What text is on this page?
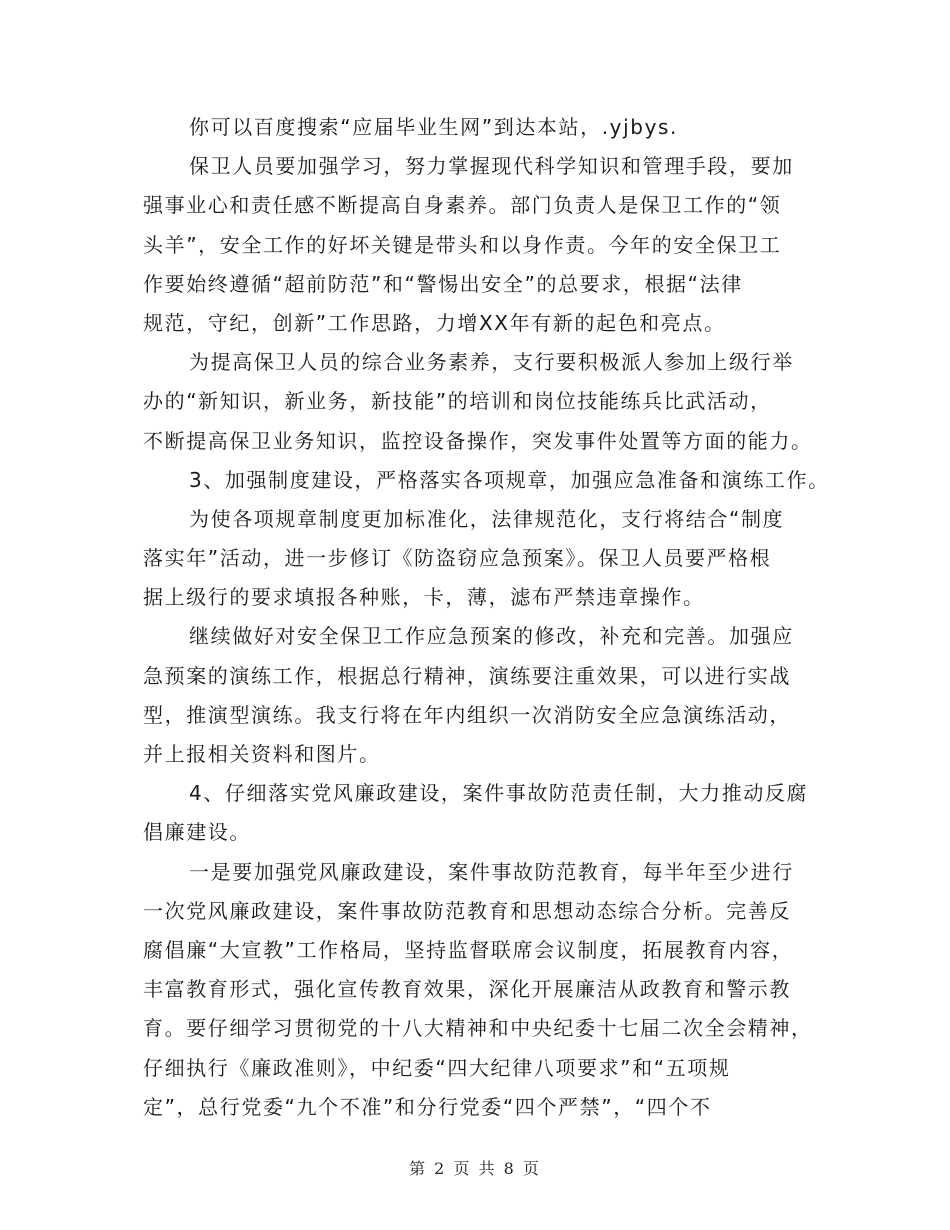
你可以百度搜索“应届毕业生网”到达本站，.yjbys.
保卫人员要加强学习，努力掌握现代科学知识和管理手段，要加
强事业心和责任感不断提高自身素养。部门负责人是保卫工作的“领
头羊”，安全工作的好坏关键是带头和以身作责。今年的安全保卫工
作要始终遵循“超前防范”和“警惕出安全”的总要求，根据“法律
规范，守纪，创新”工作思路，力增XX年有新的起色和亮点。
为提高保卫人员的综合业务素养，支行要积极派人参加上级行举
办的“新知识，新业务，新技能”的培训和岗位技能练兵比武活动，
不断提高保卫业务知识，监控设备操作，突发事件处置等方面的能力。
3、加强制度建设，严格落实各项规章，加强应急准备和演练工作。
为使各项规章制度更加标准化，法律规范化，支行将结合“制度
落实年”活动，进一步修订《防盗窃应急预案》。保卫人员要严格根
据上级行的要求填报各种账，卡，薄，滤布严禁违章操作。
继续做好对安全保卫工作应急预案的修改，补充和完善。加强应
急预案的演练工作，根据总行精神，演练要注重效果，可以进行实战
型，推演型演练。我支行将在年内组织一次消防安全应急演练活动，
并上报相关资料和图片。
4、仔细落实党风廉政建设，案件事故防范责任制，大力推动反腐
倡廉建设。
一是要加强党风廉政建设，案件事故防范教育，每半年至少进行
一次党风廉政建设，案件事故防范教育和思想动态综合分析。完善反
腐倡廉“大宣教”工作格局，坚持监督联席会议制度，拓展教育内容，
丰富教育形式，强化宣传教育效果，深化开展廉洁从政教育和警示教
育。要仔细学习贯彻党的十八大精神和中央纪委十七届二次全会精神，
仔细执行《廉政准则》，中纪委“四大纪律八项要求”和“五项规
定”，总行党委“九个不准”和分行党委“四个严禁”，“四个不
第 2 页 共 8 页
